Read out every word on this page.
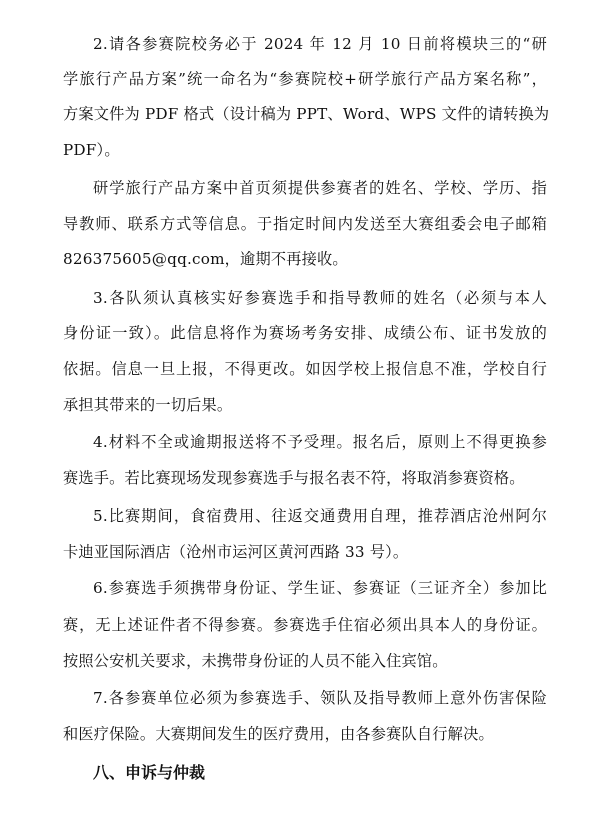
2.请各参赛院校务必于 2024 年 12 月 10 日前将模块三的“研
学旅行产品方案”统一命名为“参赛院校+研学旅行产品方案名称”，
方案文件为 PDF 格式（设计稿为 PPT、Word、WPS 文件的请转换为
PDF）。
研学旅行产品方案中首页须提供参赛者的姓名、学校、学历、指
导教师、联系方式等信息。于指定时间内发送至大赛组委会电子邮箱
826375605@qq.com，逾期不再接收。
3.各队须认真核实好参赛选手和指导教师的姓名（必须与本人
身份证一致）。此信息将作为赛场考务安排、成绩公布、证书发放的
依据。信息一旦上报，不得更改。如因学校上报信息不准，学校自行
承担其带来的一切后果。
4.材料不全或逾期报送将不予受理。报名后，原则上不得更换参
赛选手。若比赛现场发现参赛选手与报名表不符，将取消参赛资格。
5.比赛期间，食宿费用、往返交通费用自理，推荐酒店沧州阿尔
卡迪亚国际酒店（沧州市运河区黄河西路 33 号）。
6.参赛选手须携带身份证、学生证、参赛证（三证齐全）参加比
赛，无上述证件者不得参赛。参赛选手住宿必须出具本人的身份证。
按照公安机关要求，未携带身份证的人员不能入住宾馆。
7.各参赛单位必须为参赛选手、领队及指导教师上意外伤害保险
和医疗保险。大赛期间发生的医疗费用，由各参赛队自行解决。
八、申诉与仲裁
